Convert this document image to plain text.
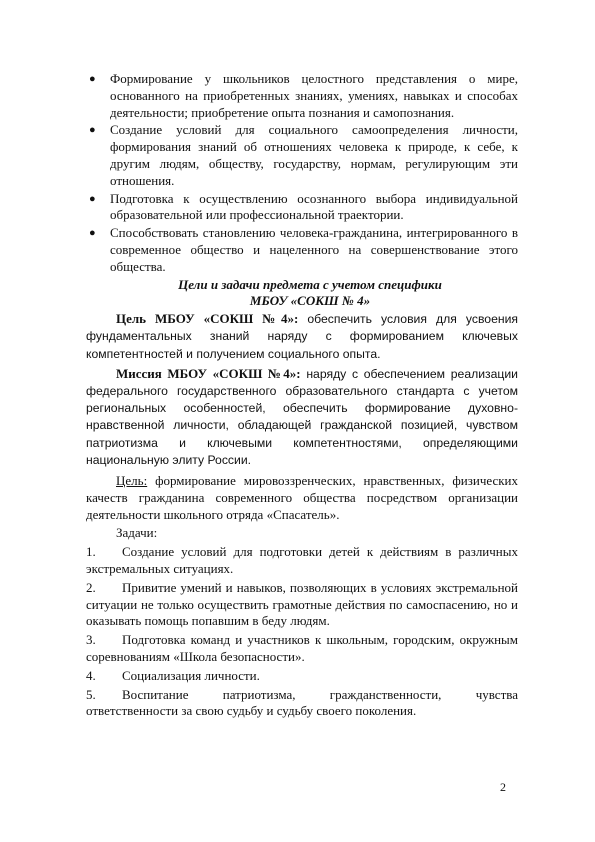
● Формирование у школьников целостного представления о мире, основанного на приобретенных знаниях, умениях, навыках и способах деятельности; приобретение опыта познания и самопознания.
● Создание условий для социального самоопределения личности, формирования знаний об отношениях человека к природе, к себе, к другим людям, обществу, государству, нормам, регулирующим эти отношения.
● Подготовка к осуществлению осознанного выбора индивидуальной образовательной или профессиональной траектории.
● Способствовать становлению человека-гражданина, интегрированного в современное общество и нацеленного на совершенствование этого общества.
Цели и задачи предмета с учетом специфики
МБОУ «СОКШ № 4»

Цель МБОУ «СОКШ №4»: обеспечить условия для усвоения фундаментальных знаний наряду с формированием ключевых компетентностей и получением социального опыта.

Миссия МБОУ «СОКШ №4»: наряду с обеспечением реализации федерального государственного образовательного стандарта с учетом региональных особенностей, обеспечить формирование духовно-нравственной личности, обладающей гражданской позицией, чувством патриотизма и ключевыми компетентностями, определяющими национальную элиту России.

Цель: формирование мировоззренческих, нравственных, физических качеств гражданина современного общества посредством организации деятельности школьного отряда «Спасатель».

Задачи:

1. Создание условий для подготовки детей к действиям в различных экстремальных ситуациях.
2. Привитие умений и навыков, позволяющих в условиях экстремальной ситуации не только осуществить грамотные действия по самоспасению, но и оказывать помощь попавшим в беду людям.
3. Подготовка команд и участников к школьным, городским, окружным соревнованиям «Школа безопасности».
4. Социализация личности.
5. Воспитание патриотизма, гражданственности, чувства ответственности за свою судьбу и судьбу своего поколения.
2
